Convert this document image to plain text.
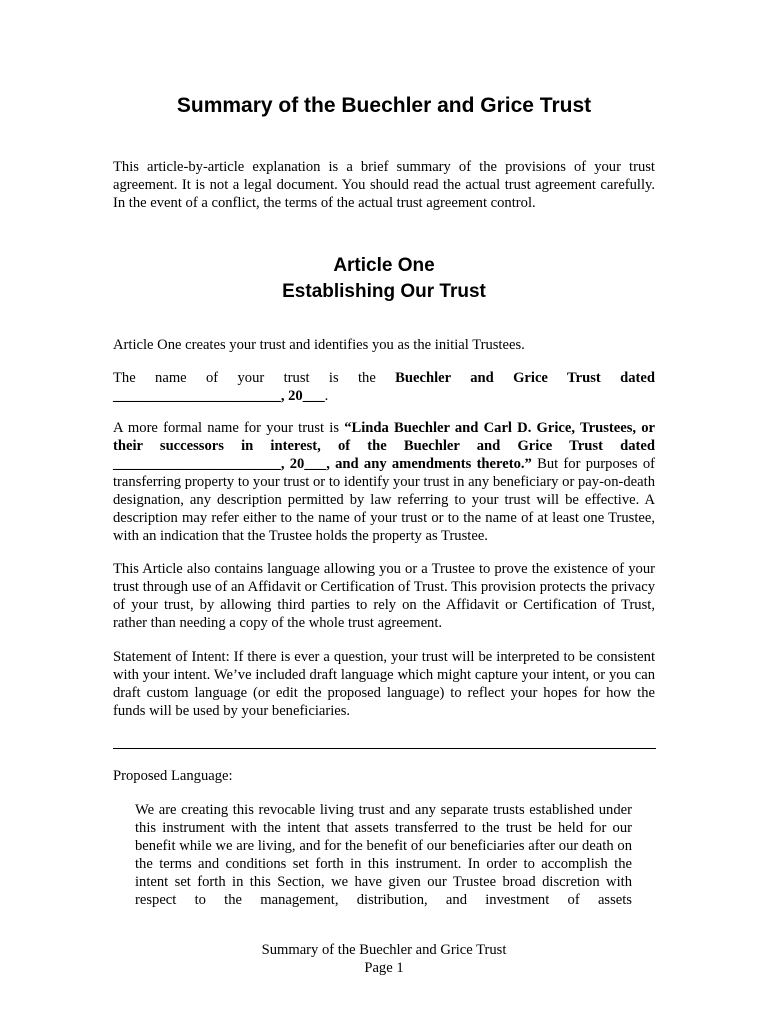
Summary of the Buechler and Grice Trust

This article-by-article explanation is a brief summary of the provisions of your trust agreement. It is not a legal document. You should read the actual trust agreement carefully. In the event of a conflict, the terms of the actual trust agreement control.

Article One
Establishing Our Trust

Article One creates your trust and identifies you as the initial Trustees.

The name of your trust is the Buechler and Grice Trust dated _______________________, 20___.

A more formal name for your trust is “Linda Buechler and Carl D. Grice, Trustees, or their successors in interest, of the Buechler and Grice Trust dated _______________________, 20___, and any amendments thereto.” But for purposes of transferring property to your trust or to identify your trust in any beneficiary or pay-on-death designation, any description permitted by law referring to your trust will be effective. A description may refer either to the name of your trust or to the name of at least one Trustee, with an indication that the Trustee holds the property as Trustee.

This Article also contains language allowing you or a Trustee to prove the existence of your trust through use of an Affidavit or Certification of Trust. This provision protects the privacy of your trust, by allowing third parties to rely on the Affidavit or Certification of Trust, rather than needing a copy of the whole trust agreement.

Statement of Intent: If there is ever a question, your trust will be interpreted to be consistent with your intent. We’ve included draft language which might capture your intent, or you can draft custom language (or edit the proposed language) to reflect your hopes for how the funds will be used by your beneficiaries.

Proposed Language:

We are creating this revocable living trust and any separate trusts established under this instrument with the intent that assets transferred to the trust be held for our benefit while we are living, and for the benefit of our beneficiaries after our death on the terms and conditions set forth in this instrument. In order to accomplish the intent set forth in this Section, we have given our Trustee broad discretion with respect to the management, distribution, and investment of assets

Summary of the Buechler and Grice Trust
Page 1
